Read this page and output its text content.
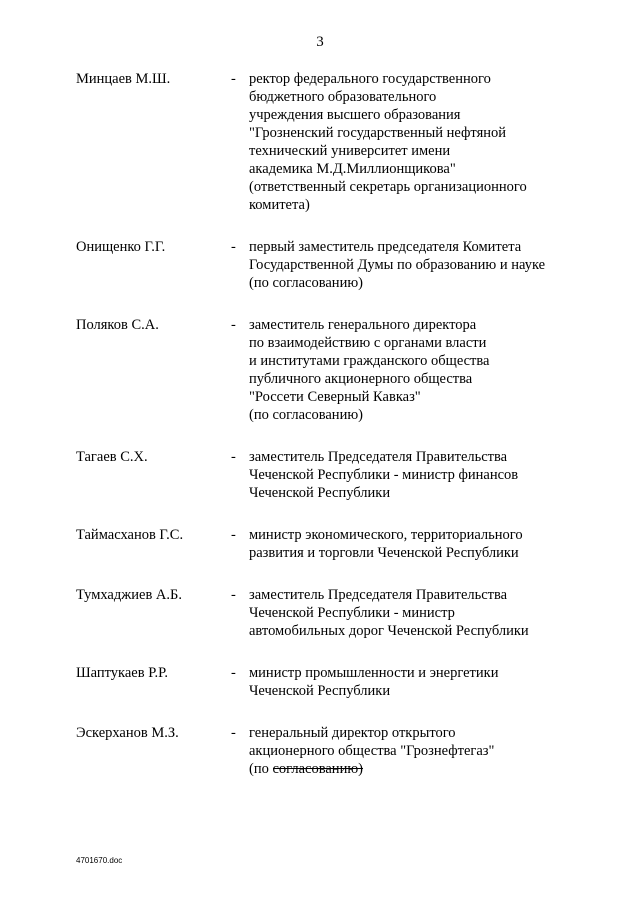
3
Минцаев М.Ш.	- ректор федерального государственного
бюджетного образовательного
учреждения высшего образования
"Грозненский государственный нефтяной
технический университет имени
академика М.Д.Миллионщикова"
(ответственный секретарь организационного
комитета)
Онищенко Г.Г.	- первый заместитель председателя Комитета
Государственной Думы по образованию и науке
(по согласованию)
Поляков С.А.	- заместитель генерального директора
по взаимодействию с органами власти
и институтами гражданского общества
публичного акционерного общества
"Россети Северный Кавказ"
(по согласованию)
Тагаев С.Х.	- заместитель Председателя Правительства
Чеченской Республики - министр финансов
Чеченской Республики
Таймасханов Г.С.	- министр экономического, территориального
развития и торговли Чеченской Республики
Тумхаджиев А.Б.	- заместитель Председателя Правительства
Чеченской Республики - министр
автомобильных дорог Чеченской Республики
Шаптукаев Р.Р.	- министр промышленности и энергетики
Чеченской Республики
Эскерханов М.З.	- генеральный директор открытого
акционерного общества "Грознефтегаз"
(по согласованию)
4701670.doc
